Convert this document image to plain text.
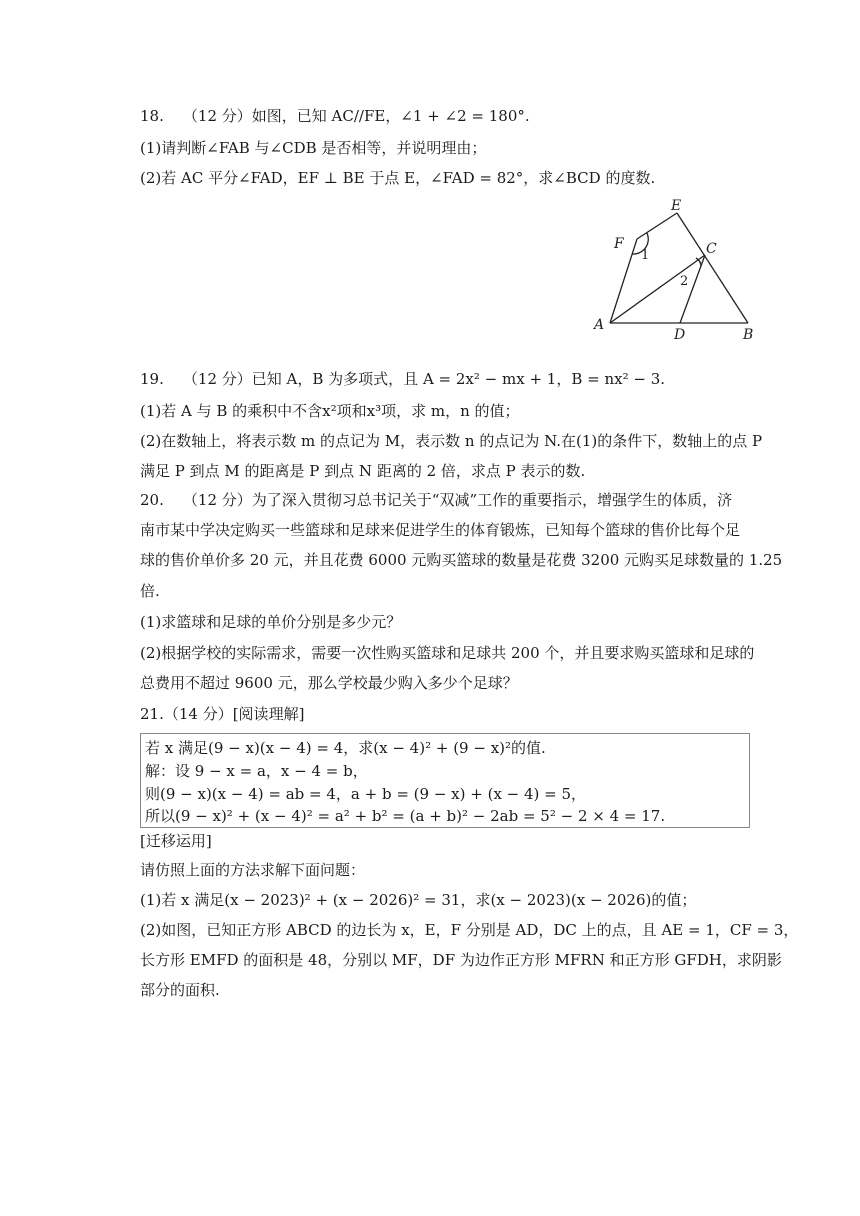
18.    （12 分）如图，已知 AC//FE，∠1 + ∠2 = 180°.
(1)请判断∠FAB 与∠CDB 是否相等，并说明理由；
(2)若 AC 平分∠FAD，EF ⊥ BE 于点 E，∠FAD = 82°，求∠BCD 的度数.
E
F	C
A
D	B
1
2
19.    （12 分）已知 A，B 为多项式，且 A = 2x² − mx + 1，B = nx² − 3.
(1)若 A 与 B 的乘积中不含x²项和x³项，求 m，n 的值；
(2)在数轴上，将表示数 m 的点记为 M，表示数 n 的点记为 N.在(1)的条件下，数轴上的点 P
满足 P 到点 M 的距离是 P 到点 N 距离的 2 倍，求点 P 表示的数.
20.    （12 分）为了深入贯彻习总书记关于“双减”工作的重要指示，增强学生的体质，济
南市某中学决定购买一些篮球和足球来促进学生的体育锻炼，已知每个篮球的售价比每个足
球的售价单价多 20 元，并且花费 6000 元购买篮球的数量是花费 3200 元购买足球数量的 1.25
倍.
(1)求篮球和足球的单价分别是多少元？
(2)根据学校的实际需求，需要一次性购买篮球和足球共 200 个，并且要求购买篮球和足球的
总费用不超过 9600 元，那么学校最少购入多少个足球？
21.（14 分）[阅读理解]
若 x 满足(9 − x)(x − 4) = 4，求(x − 4)² + (9 − x)²的值.
解：设 9 − x = a，x − 4 = b，
则(9 − x)(x − 4) = ab = 4，a + b = (9 − x) + (x − 4) = 5，
所以(9 − x)² + (x − 4)² = a² + b² = (a + b)² − 2ab = 5² − 2 × 4 = 17.
[迁移运用]
请仿照上面的方法求解下面问题：
(1)若 x 满足(x − 2023)² + (x − 2026)² = 31，求(x − 2023)(x − 2026)的值；
(2)如图，已知正方形 ABCD 的边长为 x，E，F 分别是 AD，DC 上的点，且 AE = 1，CF = 3，
长方形 EMFD 的面积是 48，分别以 MF，DF 为边作正方形 MFRN 和正方形 GFDH，求阴影
部分的面积.
